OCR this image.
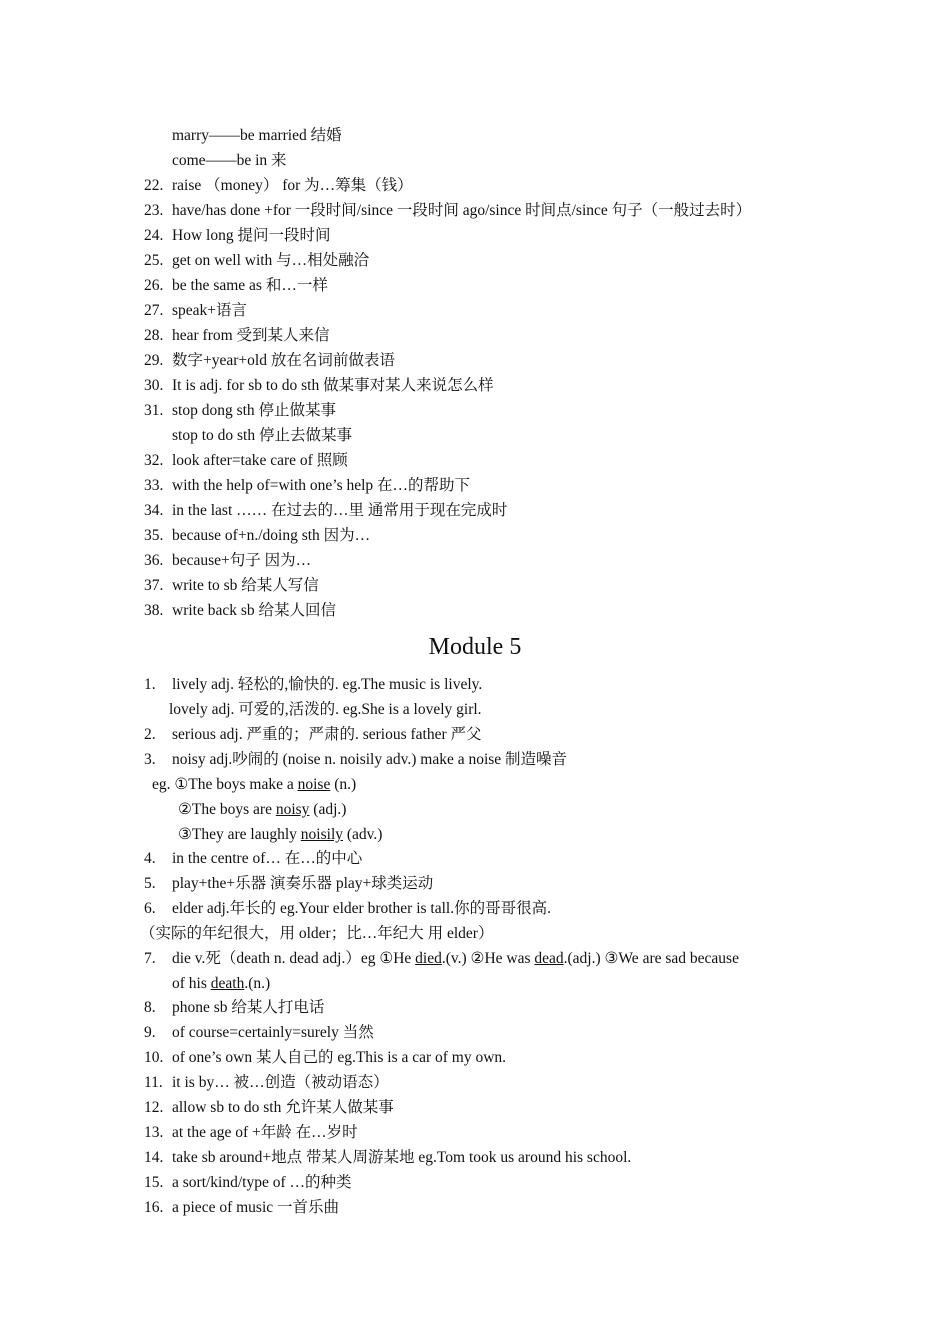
marry——be married 结婚
come——be in 来
22. raise （money） for 为…筹集（钱）
23. have/has done +for 一段时间/since 一段时间 ago/since 时间点/since 句子（一般过去时）
24. How long 提问一段时间
25. get on well with 与…相处融洽
26. be the same as 和…一样
27. speak+语言
28. hear from 受到某人来信
29. 数字+year+old 放在名词前做表语
30. It is adj. for sb to do sth 做某事对某人来说怎么样
31. stop dong sth 停止做某事
stop to do sth 停止去做某事
32. look after=take care of 照顾
33. with the help of=with one’s help 在…的帮助下
34. in the last …… 在过去的…里 通常用于现在完成时
35. because of+n./doing sth 因为…
36. because+句子 因为…
37. write to sb 给某人写信
38. write back sb 给某人回信
Module 5
1. lively adj. 轻松的,愉快的. eg.The music is lively.
lovely adj. 可爱的,活泼的. eg.She is a lovely girl.
2. serious adj. 严重的；严肃的. serious father 严父
3. noisy adj.吵闹的 (noise n. noisily adv.) make a noise 制造噪音
eg. ①The boys make a noise (n.)
②The boys are noisy (adj.)
③They are laughly noisily (adv.)
4. in the centre of… 在…的中心
5. play+the+乐器 演奏乐器 play+球类运动
6. elder adj.年长的 eg.Your elder brother is tall.你的哥哥很高.
（实际的年纪很大，用 older；比…年纪大 用 elder）
7. die v.死（death n. dead adj.）eg ①He died.(v.) ②He was dead.(adj.) ③We are sad because
of his death.(n.)
8. phone sb 给某人打电话
9. of course=certainly=surely 当然
10. of one’s own 某人自己的 eg.This is a car of my own.
11. it is by… 被…创造（被动语态）
12. allow sb to do sth 允许某人做某事
13. at the age of +年龄 在…岁时
14. take sb around+地点 带某人周游某地 eg.Tom took us around his school.
15. a sort/kind/type of …的种类
16. a piece of music 一首乐曲
